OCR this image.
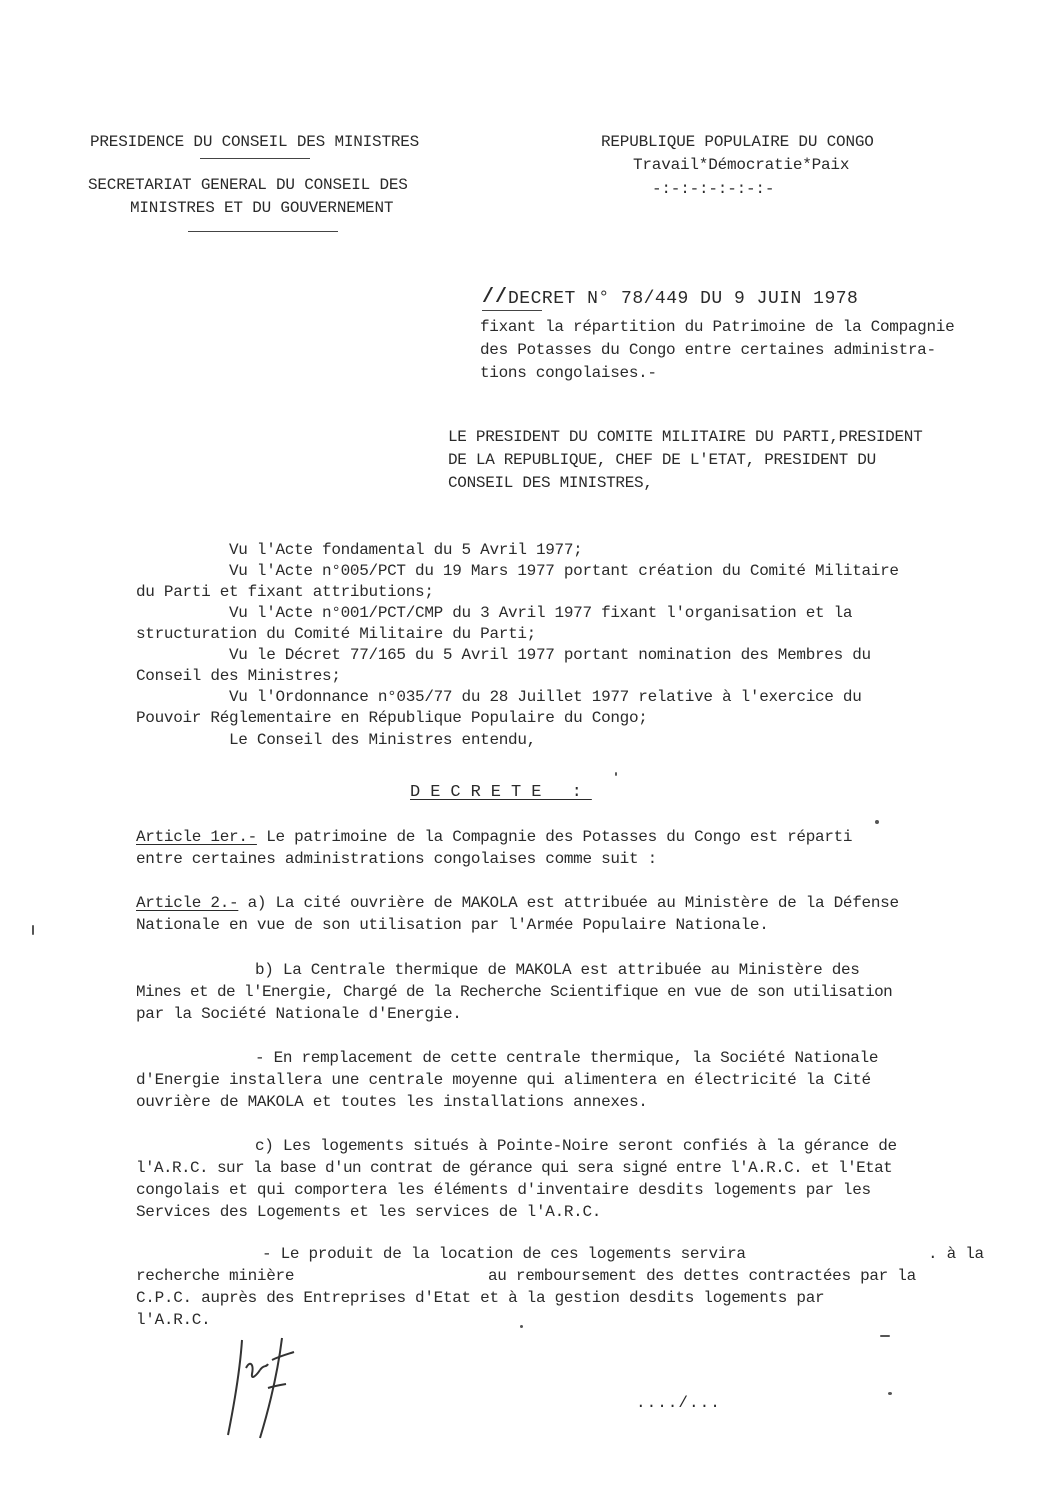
PRESIDENCE DU CONSEIL DES MINISTRES
SECRETARIAT GENERAL DU CONSEIL DES
MINISTRES ET DU GOUVERNEMENT
REPUBLIQUE POPULAIRE DU CONGO
Travail*Démocratie*Paix
-:-:-:-:-:-:-
// DECRET N° 78/449 DU 9 JUIN 1978
fixant la répartition du Patrimoine de la Compagnie
des Potasses du Congo entre certaines administra-
tions congolaises.-
LE PRESIDENT DU COMITE MILITAIRE DU PARTI,PRESIDENT
DE LA REPUBLIQUE, CHEF DE L'ETAT, PRESIDENT DU
CONSEIL DES MINISTRES,
Vu l'Acte fondamental du 5 Avril 1977;
Vu l'Acte n°005/PCT du 19 Mars 1977 portant création du Comité Militaire
du Parti et fixant attributions;
Vu l'Acte n°001/PCT/CMP du 3 Avril 1977 fixant l'organisation et la
structuration du Comité Militaire du Parti;
Vu le Décret 77/165 du 5 Avril 1977 portant nomination des Membres du
Conseil des Ministres;
Vu l'Ordonnance n°035/77 du 28 Juillet 1977 relative à l'exercice du
Pouvoir Réglementaire en République Populaire du Congo;
Le Conseil des Ministres entendu,
DECRETE :
Article 1er.- Le patrimoine de la Compagnie des Potasses du Congo est réparti
entre certaines administrations congolaises comme suit :
Article 2.- a) La cité ouvrière de MAKOLA est attribuée au Ministère de la Défense
Nationale en vue de son utilisation par l'Armée Populaire Nationale.
b) La Centrale thermique de MAKOLA est attribuée au Ministère des
Mines et de l'Energie, Chargé de la Recherche Scientifique en vue de son utilisation
par la Société Nationale d'Energie.
- En remplacement de cette centrale thermique, la Société Nationale
d'Energie installera une centrale moyenne qui alimentera en électricité la Cité
ouvrière de MAKOLA et toutes les installations annexes.
c) Les logements situés à Pointe-Noire seront confiés à la gérance de
l'A.R.C. sur la base d'un contrat de gérance qui sera signé entre l'A.R.C. et l'Etat
congolais et qui comportera les éléments d'inventaire desdits logements par les
Services des Logements et les services de l'A.R.C.
- Le produit de la location de ces logements servira	. à la
recherche minière	au remboursement des dettes contractées par la
C.P.C. auprès des Entreprises d'Etat et à la gestion desdits logements par
l'A.R.C.
..../...
